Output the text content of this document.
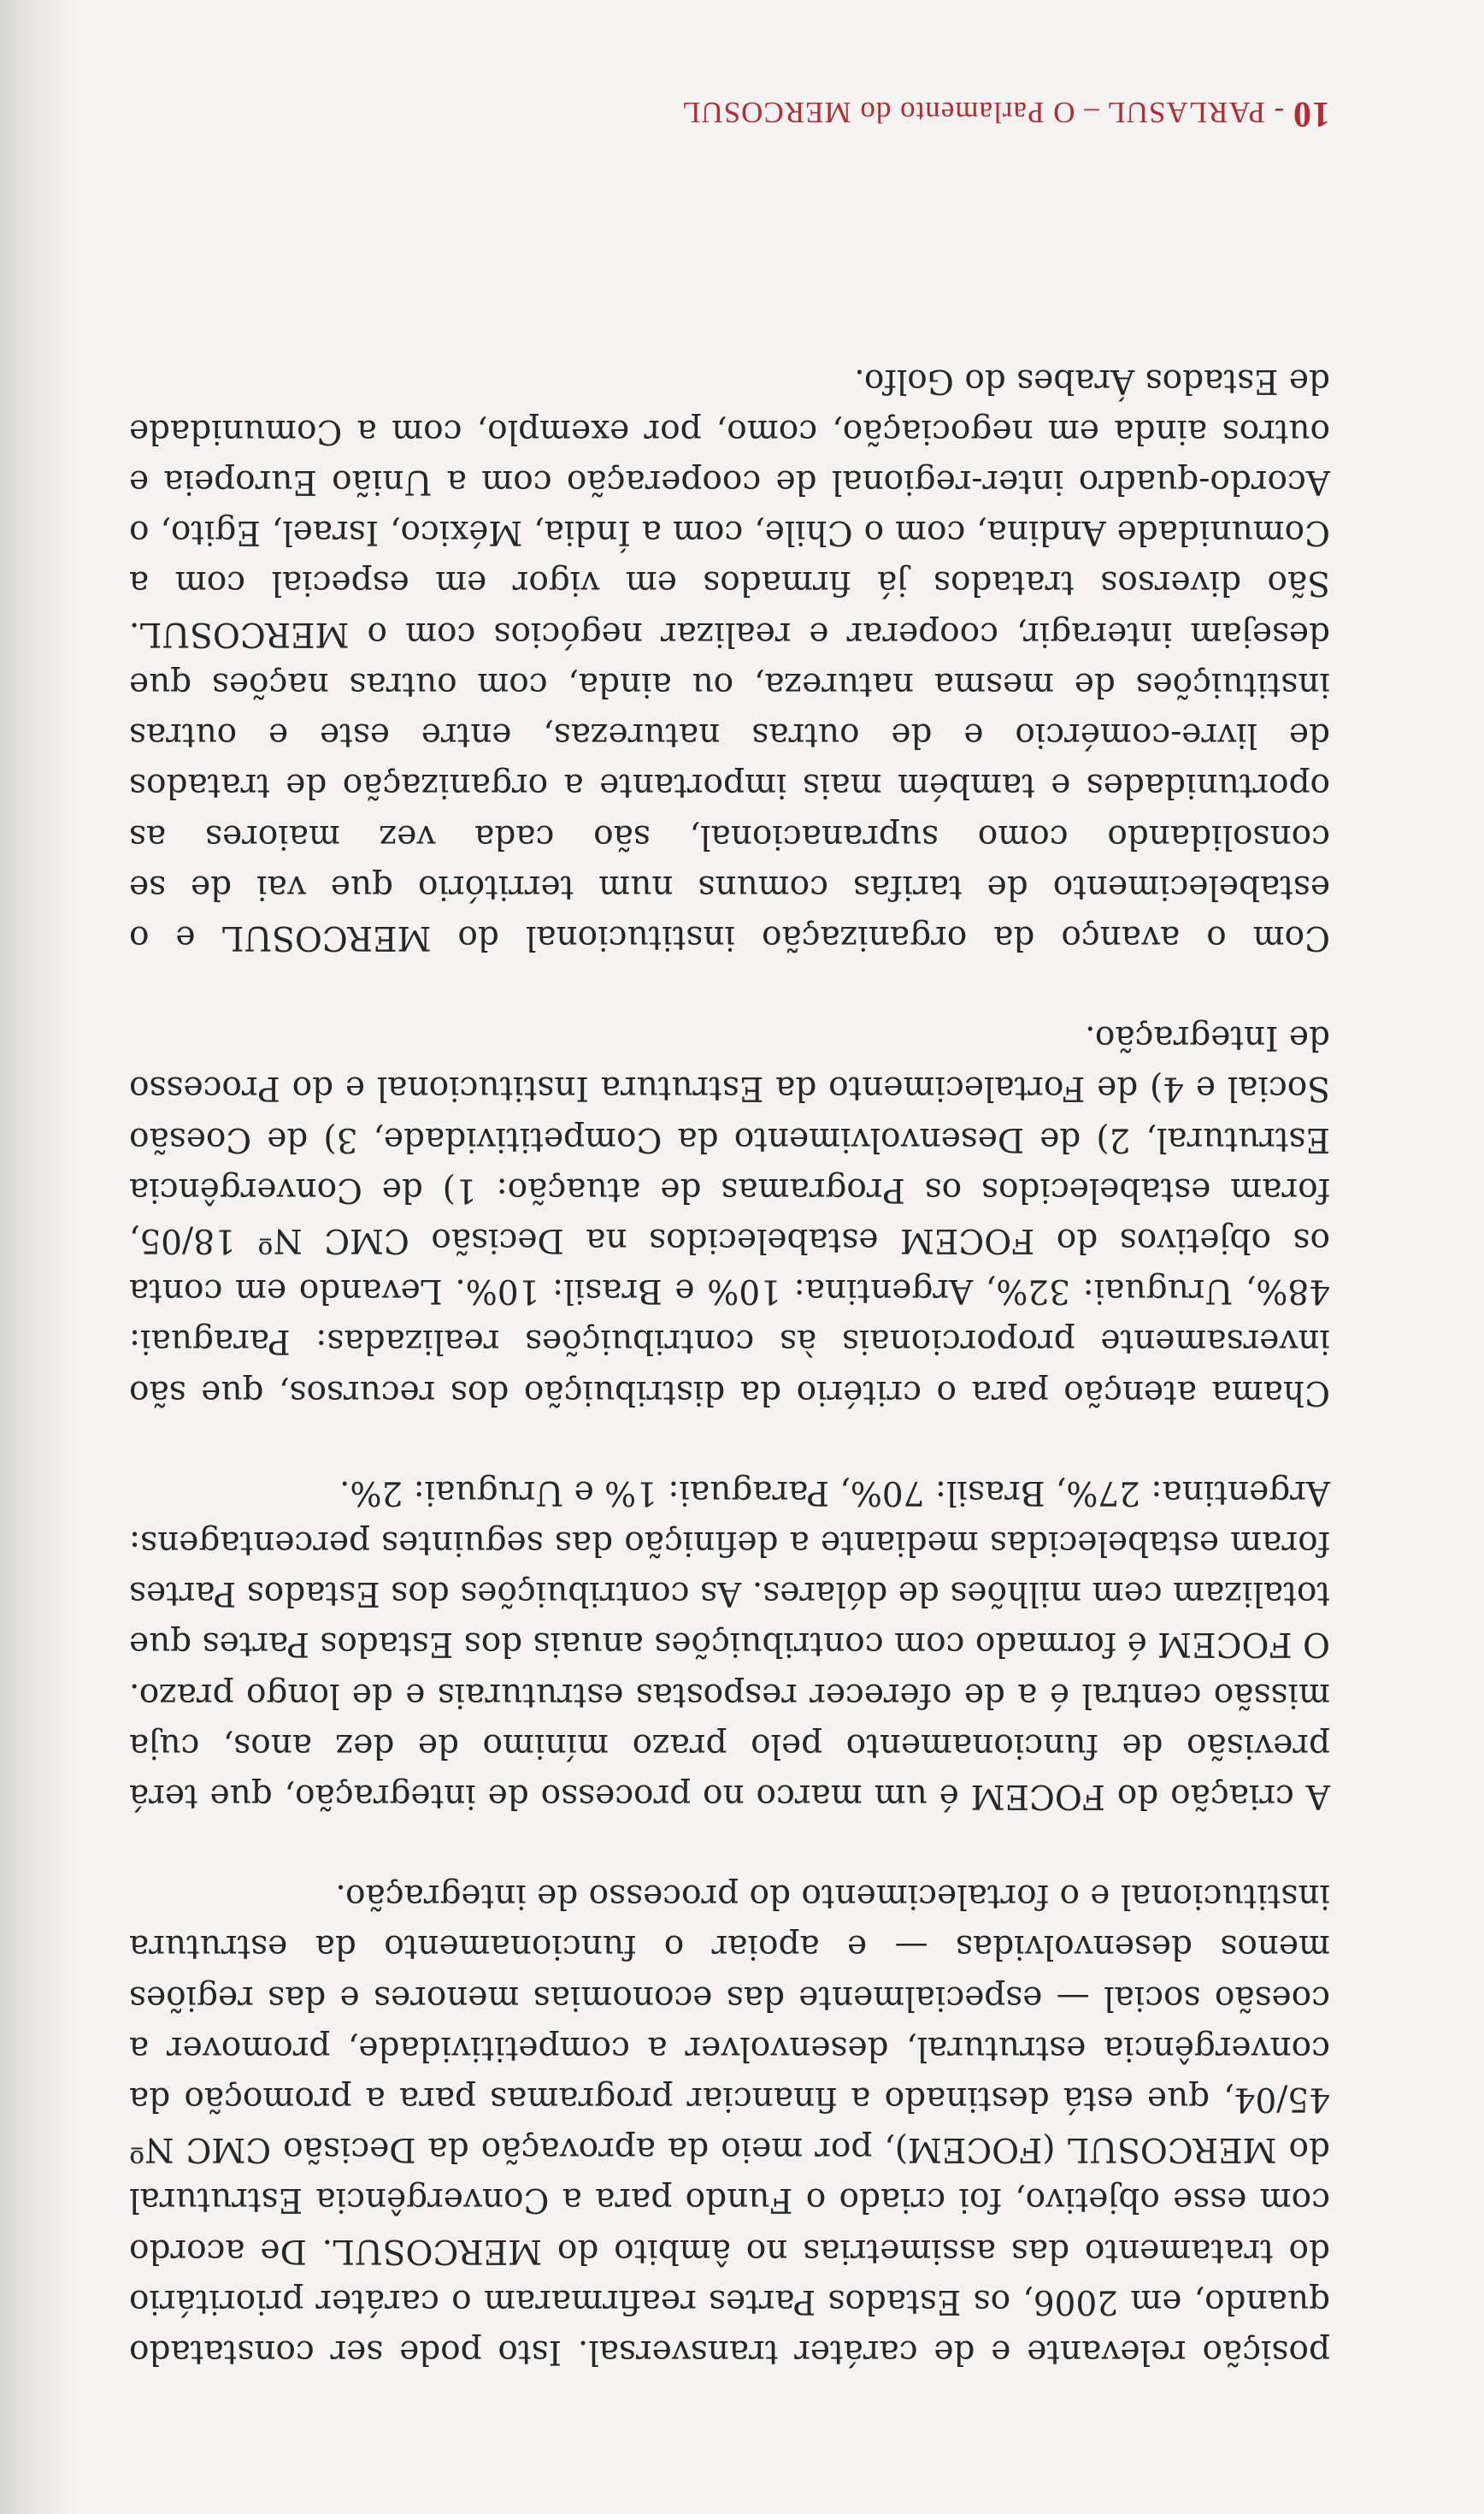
posição relevante e de caráter transversal. Isto pode ser constatado quando, em 2006, os Estados Partes reafirmaram o caráter prioritário do tratamento das assimetrias no âmbito do MERCOSUL. De acordo com esse objetivo, foi criado o Fundo para a Convergência Estrutural do MERCOSUL (FOCEM), por meio da aprovação da Decisão CMC Nº 45/04, que está destinado a financiar programas para a promoção da convergência estrutural, desenvolver a competitividade, promover a coesão social — especialmente das economias menores e das regiões menos desenvolvidas — e apoiar o funcionamento da estrutura institucional e o fortalecimento do processo de integração.

A criação do FOCEM é um marco no processo de integração, que terá previsão de funcionamento pelo prazo mínimo de dez anos, cuja missão central é a de oferecer respostas estruturais e de longo prazo. O FOCEM é formado com contribuições anuais dos Estados Partes que totalizam cem milhões de dólares. As contribuições dos Estados Partes foram estabelecidas mediante a definição das seguintes percentagens: Argentina: 27%, Brasil: 70%, Paraguai: 1% e Uruguai: 2%.

Chama atenção para o critério da distribuição dos recursos, que são inversamente proporcionais às contribuições realizadas: Paraguai: 48%, Uruguai: 32%, Argentina: 10% e Brasil: 10%. Levando em conta os objetivos do FOCEM estabelecidos na Decisão CMC Nº 18/05, foram estabelecidos os Programas de atuação: 1) de Convergência Estrutural, 2) de Desenvolvimento da Competitividade, 3) de Coesão Social e 4) de Fortalecimento da Estrutura Institucional e do Processo de Integração.

Com o avanço da organização institucional do MERCOSUL e o estabelecimento de tarifas comuns num território que vai de se consolidando como supranacional, são cada vez maiores as oportunidades e também mais importante a organização de tratados de livre-comércio e de outras naturezas, entre este e outras instituições de mesma natureza, ou ainda, com outras nações que desejam interagir, cooperar e realizar negócios com o MERCOSUL. São diversos tratados já firmados em vigor em especial com a Comunidade Andina, com o Chile, com a Índia, México, Israel, Egito, o Acordo-quadro inter-regional de cooperação com a União Europeia e outros ainda em negociação, como, por exemplo, com a Comunidade de Estados Árabes do Golfo.

10 - PARLASUL – O Parlamento do MERCOSUL
